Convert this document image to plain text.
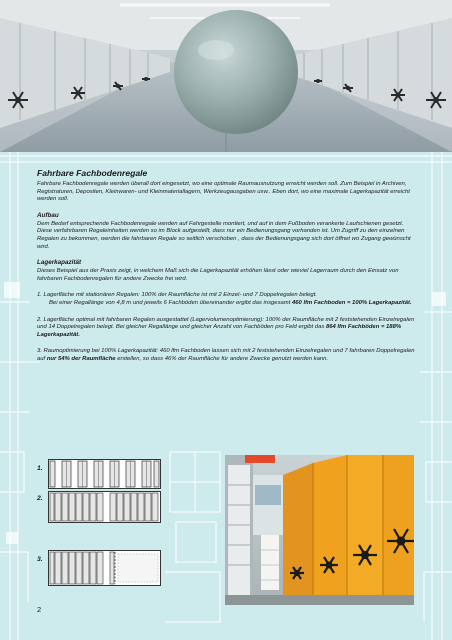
Fahrbare Fachbodenregale

Fahrbare Fachbodenregale werden überall dort eingesetzt, wo eine optimale Raumausnutzung erreicht werden soll. Zum Beispiel in Archiven, Registraturen, Depositen, Kleinwaren- und Kleinmateriallagern, Werkzeugausgaben usw.. Eben dort, wo eine maximale Lagerkapazität erreicht werden soll.

Aufbau

Dem Bedarf entsprechende Fachbodenregale werden auf Fahrgestelle montiert, und auf in dem Fußboden verankerte Laufschienen gesetzt. Diese verfahrbaren Regaleinheiten werden so im Block aufgestellt, dass nur ein Bedienungsgang vorhanden ist. Um Zugriff zu den einzelnen Regalen zu bekommen, werden die fahrbaren Regale so seitlich verschoben , dass der Bedienungsgang sich dort öffnet wo Zugang gewünscht wird.

Lagerkapazität

Dieses Beispiel aus der Praxis zeigt, in welchem Maß sich die Lagerkapazität erhöhen lässt oder wieviel Lagerraum durch den Einsatz von fahrbaren Fachbodenregalen für andere Zwecke frei wird.

1. Lagerfläche mit stationären Regalen: 100% der Raumfläche ist mit 2 Einzel- und 7 Doppelregalen belegt.
Bei einer Regallänge von 4,8 m und jeweils 6 Fachböden übereinander ergibt das insgesamt 460 lfm Fachboden = 100% Lagerkapazität.

2. Lagerfläche optimal mit fahrbaren Regalen ausgestattet (Lagervolumenoptimierung): 100% der Raumfläche mit 2 feststehenden Einzelregalen und 14 Doppelregalen belegt. Bei gleicher Regallänge und gleicher Anzahl von Fachböden pro Feld ergibt das 864 lfm Fachböden = 188% Lagerkapazität.

3. Raumoptimierung bei 100% Lagerkapazität: 460 lfm Fachboden lassen sich mit 2 feststehenden Einzelregalen und 7 fahrbaren Doppelregalen auf nur 54% der Raumfläche erstellen, so dass 46% der Raumfläche für andere Zwecke genutzt werden kann.

1.
2.
3.
2
